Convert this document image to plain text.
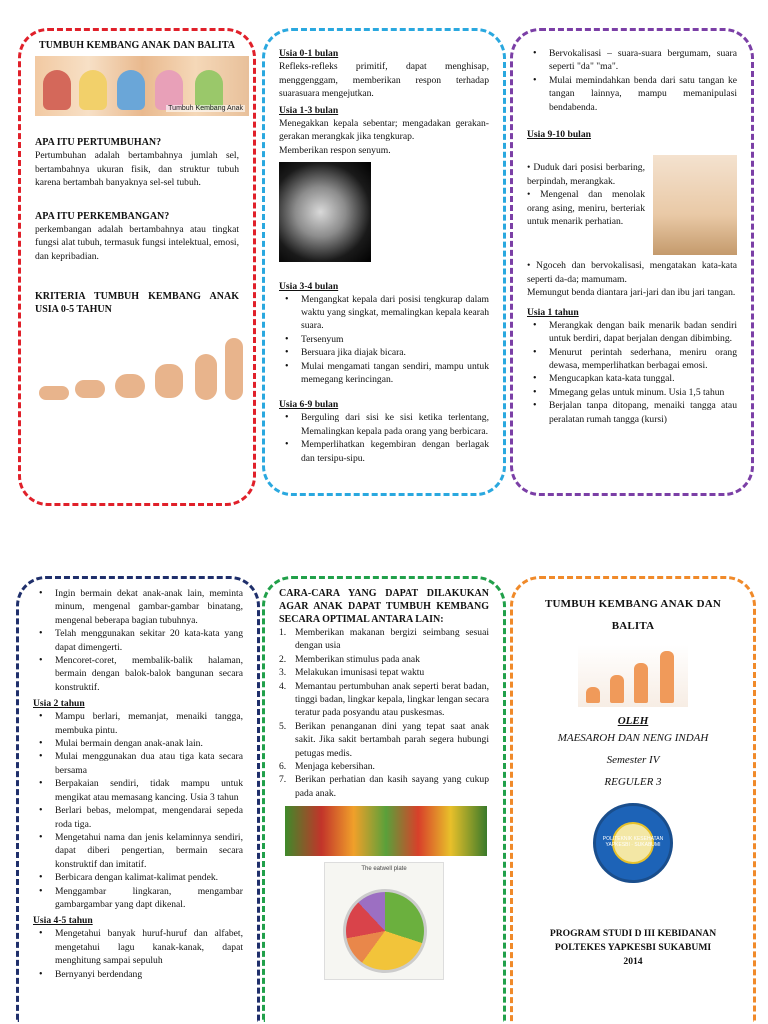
TUMBUH KEMBANG ANAK DAN BALITA
Tumbuh Kembang Anak
APA ITU PERTUMBUHAN?

Pertumbuhan adalah bertambahnya jumlah sel, bertambahnya ukuran fisik, dan struktur tubuh karena bertambah banyaknya sel-sel tubuh.

APA ITU PERKEMBANGAN?

perkembangan adalah bertambahnya atau tingkat fungsi alat tubuh, termasuk fungsi intelektual, emosi, dan kepribadian.

KRITERIA TUMBUH KEMBANG ANAK USIA 0-5 TAHUN
Usia 0-1 bulan

Refleks-refleks primitif, dapat menghisap, menggenggam, memberikan respon terhadap suarasuara mengejutkan.

Usia 1-3 bulan

Menegakkan kepala sebentar; mengadakan gerakan-gerakan merangkak jika tengkurap.

Memberikan respon senyum.

Usia 3-4 bulan
• Mengangkat kepala dari posisi tengkurap dalam waktu yang singkat, memalingkan kepala kearah suara.
• Tersenyum
• Bersuara jika diajak bicara.
• Mulai mengamati tangan sendiri, mampu untuk memegang kerincingan.
Usia 6-9 bulan
• Berguling dari sisi ke sisi ketika terlentang, Memalingkan kepala pada orang yang berbicara.
• Memperlihatkan kegembiran dengan berlagak dan tersipu-sipu.
• Bervokalisasi – suara-suara bergumam, suara seperti "da" "ma".
• Mulai memindahkan benda dari satu tangan ke tangan lainnya, mampu memanipulasi bendabenda.
Usia 9-10 bulan

• Duduk dari posisi berbaring, berpindah, merangkak.

• Mengenal dan menolak orang asing, meniru, berteriak untuk menarik perhatian.

• Ngoceh dan bervokalisasi, mengatakan kata-kata seperti da-da; mamumam.

Memungut benda diantara jari-jari dan ibu jari tangan.

Usia 1 tahun
• Merangkak dengan baik menarik badan sendiri untuk berdiri, dapat berjalan dengan dibimbing.
• Menurut perintah sederhana, meniru orang dewasa, memperlihatkan berbagai emosi.
• Mengucapkan kata-kata tunggal.
• Mmegang gelas untuk minum. Usia 1,5 tahun
• Berjalan tanpa ditopang, menaiki tangga atau peralatan rumah tangga (kursi)
• Ingin bermain dekat anak-anak lain, meminta minum, mengenal gambar-gambar binatang, mengenal beberapa bagian tubuhnya.
• Telah menggunakan sekitar 20 kata-kata yang dapat dimengerti.
• Mencoret-coret, membalik-balik halaman, bermain dengan balok-balok bangunan secara konstruktif.
Usia 2 tahun
• Mampu berlari, memanjat, menaiki tangga, membuka pintu.
• Mulai bermain dengan anak-anak lain.
• Mulai menggunakan dua atau tiga kata secara bersama
• Berpakaian sendiri, tidak mampu untuk mengikat atau memasang kancing. Usia 3 tahun
• Berlari bebas, melompat, mengendarai sepeda roda tiga.
• Mengetahui nama dan jenis kelaminnya sendiri, dapat diberi pengertian, bermain secara konstruktif dan imitatif.
• Berbicara dengan kalimat-kalimat pendek.
• Menggambar lingkaran, mengambar gambargambar yang dapt dikenal.
Usia 4-5 tahun
• Mengetahui banyak huruf-huruf dan alfabet, mengetahui lagu kanak-kanak, dapat menghitung sampai sepuluh
• Bernyanyi berdendang
CARA-CARA YANG DAPAT DILAKUKAN AGAR ANAK DAPAT TUMBUH KEMBANG SECARA OPTIMAL ANTARA LAIN:
1. Memberikan makanan bergizi seimbang sesuai dengan usia
2. Memberikan stimulus pada anak
3. Melakukan imunisasi tepat waktu
4. Memantau pertumbuhan anak seperti berat badan, tinggi badan, lingkar kepala, lingkar lengan secara teratur pada posyandu atau puskesmas.
5. Berikan penanganan dini yang tepat saat anak sakit. Jika sakit bertambah parah segera hubungi petugas medis.
6. Menjaga kebersihan.
7. Berikan perhatian dan kasih sayang yang cukup pada anak.
The eatwell plate
TUMBUH KEMBANG ANAK DAN BALITA
OLEH
MAESAROH DAN NENG INDAH
Semester IV
REGULER 3
POLITEKNIK KESEHATAN YAPKESBI · SUKABUMI
PROGRAM STUDI D III KEBIDANAN
POLTEKES YAPKESBI SUKABUMI
2014
